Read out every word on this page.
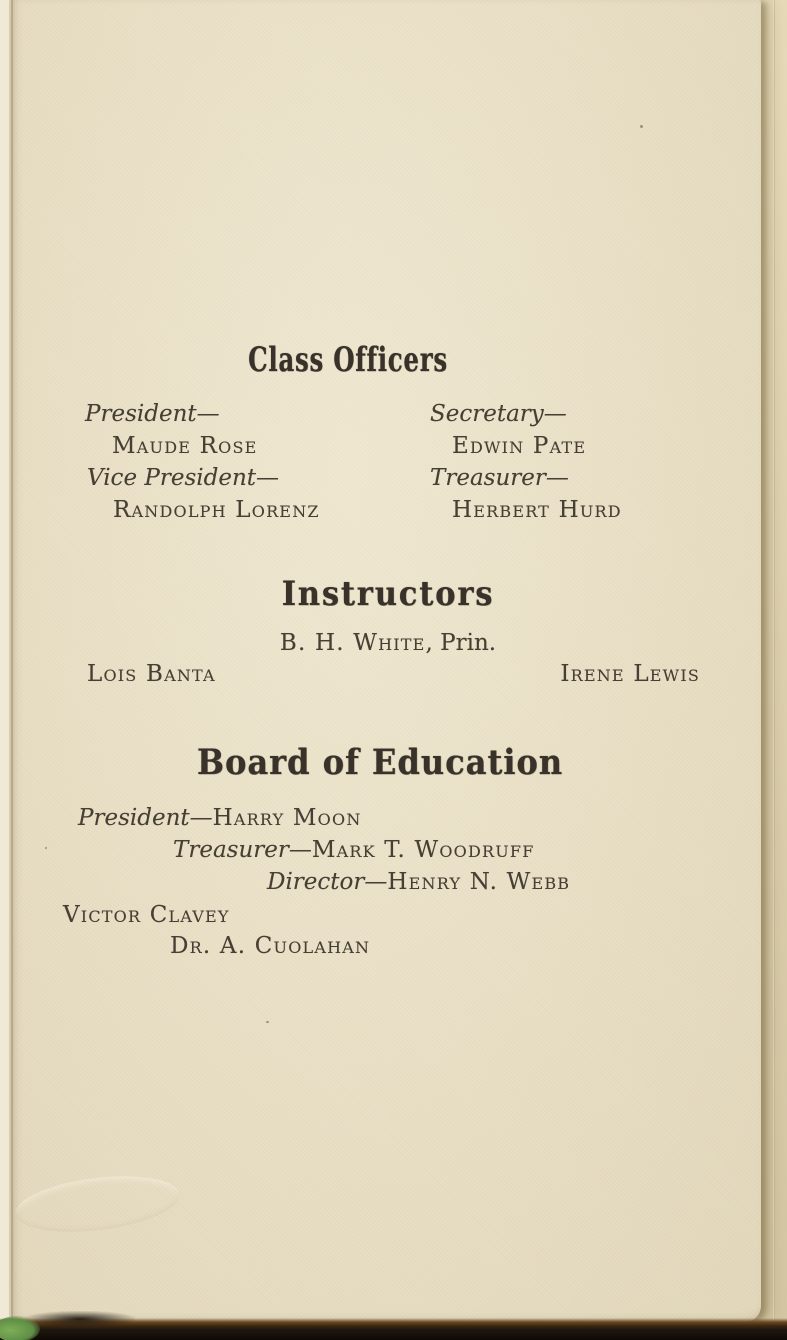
Class Officers
President—
Maude Rose
Vice President—
Randolph Lorenz
Secretary—
Edwin Pate
Treasurer—
Herbert Hurd
Instructors
B. H. White, Prin.
Lois Banta	Irene Lewis
Board of Education
President—Harry Moon
Treasurer—Mark T. Woodruff
Director—Henry N. Webb
Victor Clavey
Dr. A. Cuolahan
